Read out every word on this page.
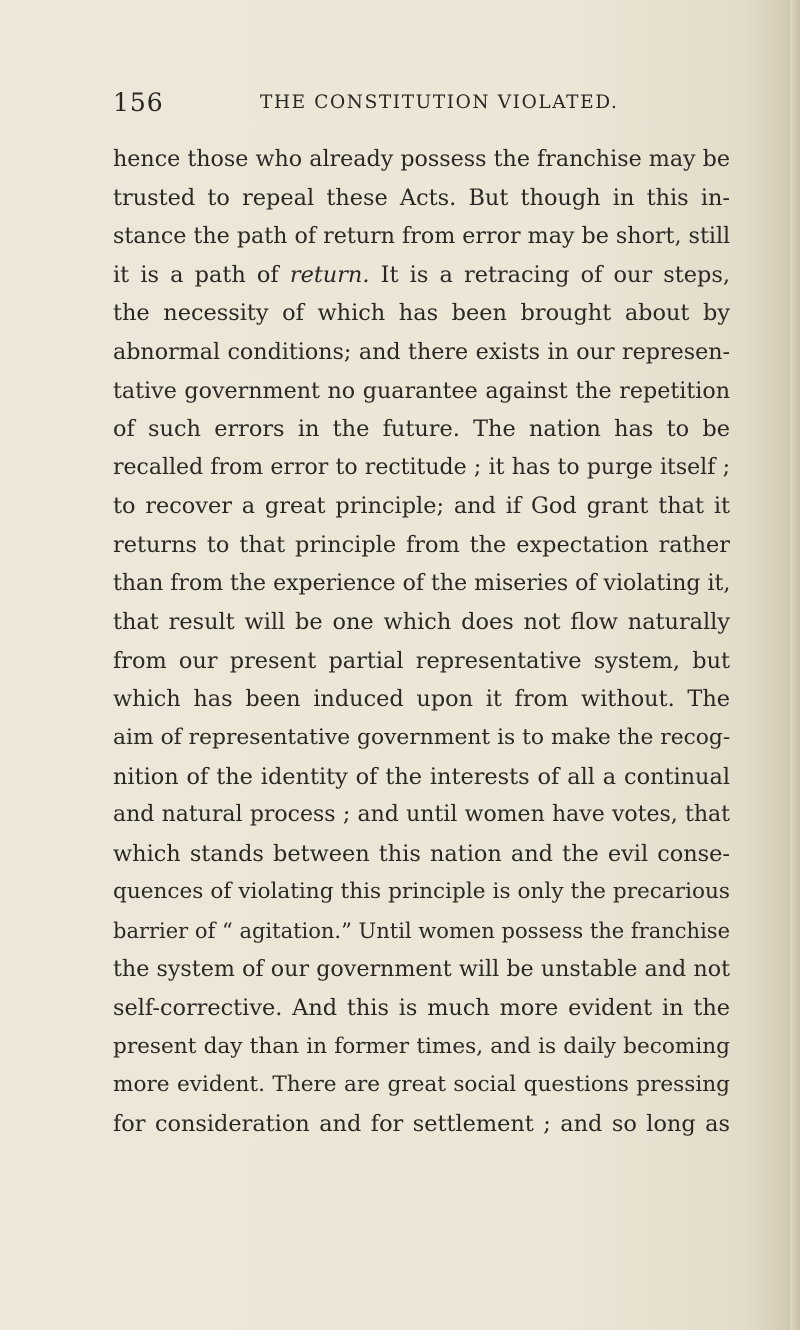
156	THE CONSTITUTION VIOLATED.
hence those who already possess the franchise may be
trusted to repeal these Acts. But though in this in-
stance the path of return from error may be short, still
it is a path of return. It is a retracing of our steps,
the necessity of which has been brought about by
abnormal conditions; and there exists in our represen-
tative government no guarantee against the repetition
of such errors in the future. The nation has to be
recalled from error to rectitude ; it has to purge itself ;
to recover a great principle; and if God grant that it
returns to that principle from the expectation rather
than from the experience of the miseries of violating it,
that result will be one which does not flow naturally
from our present partial representative system, but
which has been induced upon it from without. The
aim of representative government is to make the recog-
nition of the identity of the interests of all a continual
and natural process ; and until women have votes, that
which stands between this nation and the evil conse-
quences of violating this principle is only the precarious
barrier of “ agitation.” Until women possess the franchise
the system of our government will be unstable and not
self-corrective. And this is much more evident in the
present day than in former times, and is daily becoming
more evident. There are great social questions pressing
for consideration and for settlement ; and so long as
